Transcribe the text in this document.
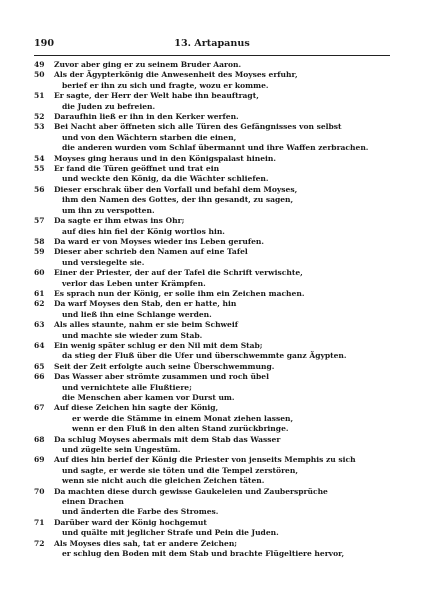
190	13. Artapanus
49 Zuvor aber ging er zu seinem Bruder Aaron.
50 Als der Ägypterkönig die Anwesenheit des Moyses erfuhr,
berief er ihn zu sich und fragte, wozu er komme.
51 Er sagte, der Herr der Welt habe ihn beauftragt,
die Juden zu befreien.
52 Daraufhin ließ er ihn in den Kerker werfen.
53 Bei Nacht aber öffneten sich alle Türen des Gefängnisses von selbst
und von den Wächtern starben die einen,
die anderen wurden vom Schlaf übermannt und ihre Waffen zerbrachen.
54 Moyses ging heraus und in den Königspalast hinein.
55 Er fand die Türen geöffnet und trat ein
und weckte den König, da die Wächter schliefen.
56 Dieser erschrak über den Vorfall und befahl dem Moyses,
ihm den Namen des Gottes, der ihn gesandt, zu sagen,
um ihn zu verspotten.
57 Da sagte er ihm etwas ins Ohr;
auf dies hin fiel der König wortlos hin.
58 Da ward er von Moyses wieder ins Leben gerufen.
59 Dieser aber schrieb den Namen auf eine Tafel
und versiegelte sie.
60 Einer der Priester, der auf der Tafel die Schrift verwischte,
verlor das Leben unter Krämpfen.
61 Es sprach nun der König, er solle ihm ein Zeichen machen.
62 Da warf Moyses den Stab, den er hatte, hin
und ließ ihn eine Schlange werden.
63 Als alles staunte, nahm er sie beim Schweif
und machte sie wieder zum Stab.
64 Ein wenig später schlug er den Nil mit dem Stab;
da stieg der Fluß über die Ufer und überschwemmte ganz Ägypten.
65 Seit der Zeit erfolgte auch seine Überschwemmung.
66 Das Wasser aber strömte zusammen und roch übel
und vernichtete alle Flußtiere;
die Menschen aber kamen vor Durst um.
67 Auf diese Zeichen hin sagte der König,
er werde die Stämme in einem Monat ziehen lassen,
wenn er den Fluß in den alten Stand zurückbringe.
68 Da schlug Moyses abermals mit dem Stab das Wasser
und zügelte sein Ungestüm.
69 Auf dies hin berief der König die Priester von jenseits Memphis zu sich
und sagte, er werde sie töten und die Tempel zerstören,
wenn sie nicht auch die gleichen Zeichen täten.
70 Da machten diese durch gewisse Gaukeleien und Zaubersprüche
einen Drachen
und änderten die Farbe des Stromes.
71 Darüber ward der König hochgemut
und quälte mit jeglicher Strafe und Pein die Juden.
72 Als Moyses dies sah, tat er andere Zeichen;
er schlug den Boden mit dem Stab und brachte Flügeltiere hervor,
